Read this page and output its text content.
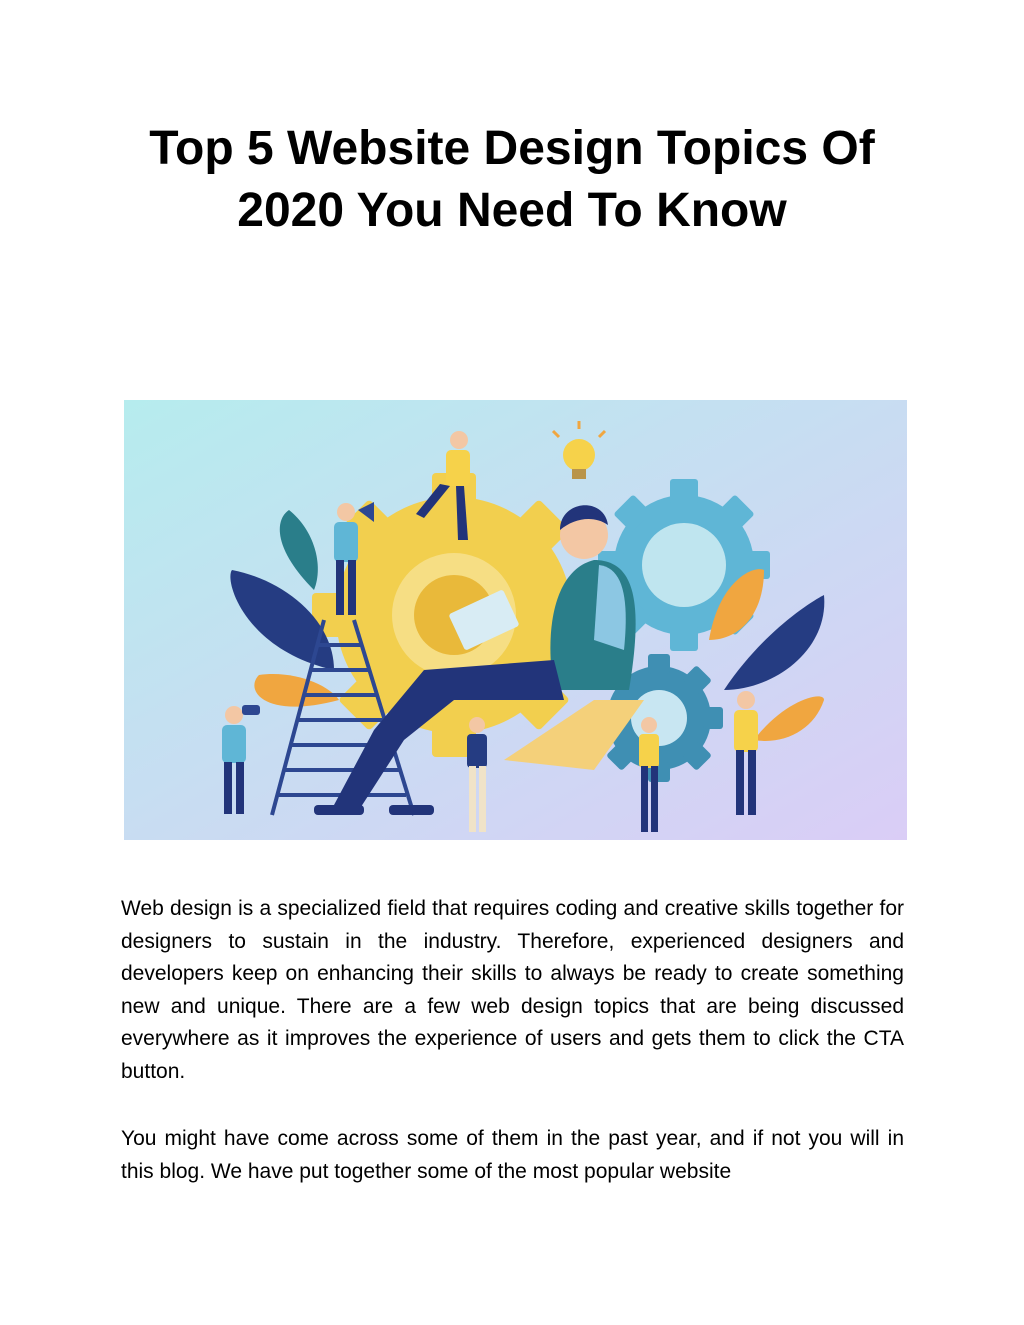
Top 5 Website Design Topics Of
2020 You Need To Know

Web design is a specialized field that requires coding and creative skills together for designers to sustain in the industry. Therefore, experienced designers and developers keep on enhancing their skills to always be ready to create something new and unique. There are a few web design topics that are being discussed everywhere as it improves the experience of users and gets them to click the CTA button.

You might have come across some of them in the past year, and if not you will in this blog. We have put together some of the most popular website
